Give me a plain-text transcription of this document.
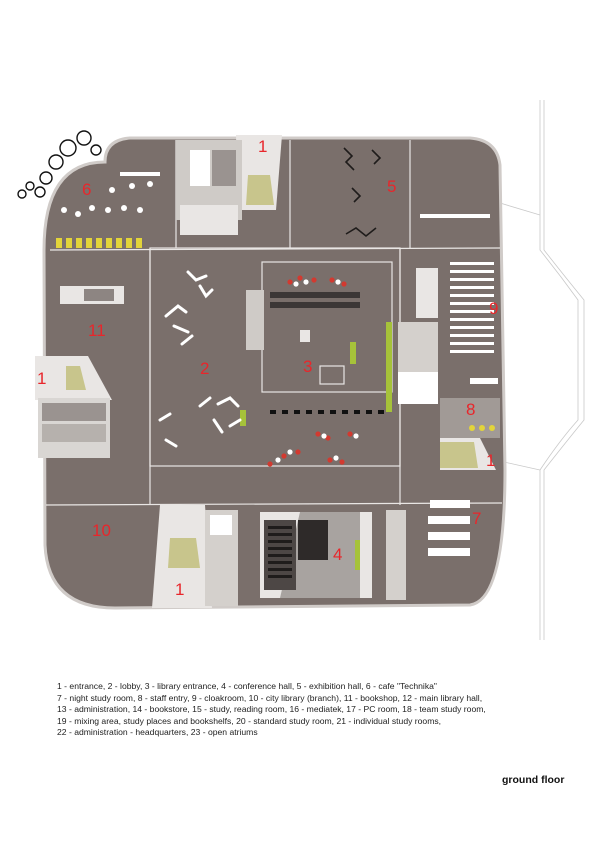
1
1
1
1
2	3
4
5
6
7
8
9
10
11
1 - entrance, 2 - lobby, 3 - library entrance, 4 - conference hall, 5 - exhibition hall, 6 - cafe "Technika"
7 - night study room, 8 - staff entry, 9 - cloakroom, 10 - city library (branch), 11 - bookshop, 12 - main library hall,
13 - administration, 14 - bookstore, 15 - study, reading room, 16 - mediatek, 17 - PC room, 18 - team study room,
19 - mixing area, study places and bookshelfs, 20 - standard study room, 21 - individual study rooms,
22 - administration - headquarters, 23 - open atriums
ground floor
